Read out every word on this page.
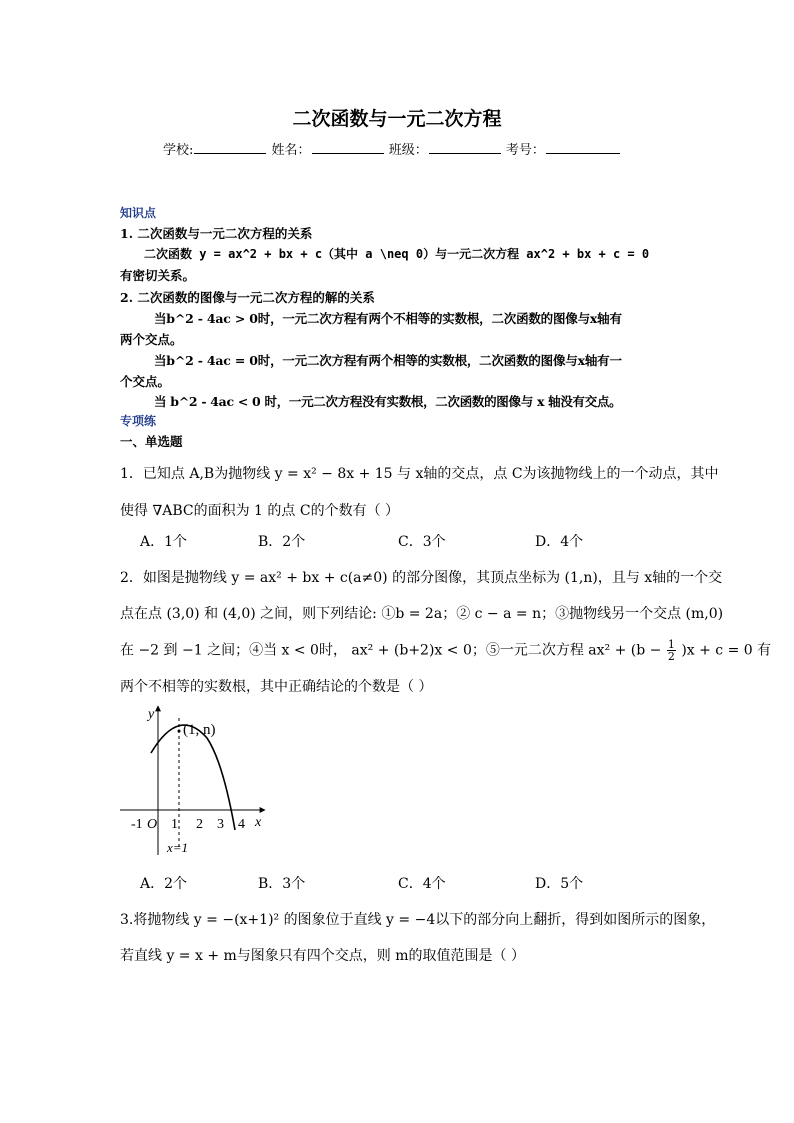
二次函数与一元二次方程
学校:	姓名：	班级：	考号：
知识点
1. 二次函数与一元二次方程的关系
二次函数 y = ax^2 + bx + c（其中 a \neq 0）与一元二次方程 ax^2 + bx + c = 0
有密切关系。
2. 二次函数的图像与一元二次方程的解的关系
当b^2 - 4ac > 0时，一元二次方程有两个不相等的实数根，二次函数的图像与x轴有
两个交点。
当b^2 - 4ac = 0时，一元二次方程有两个相等的实数根，二次函数的图像与x轴有一
个交点。
当 b^2 - 4ac < 0 时，一元二次方程没有实数根，二次函数的图像与 x 轴没有交点。
专项练
一、单选题
1．已知点 A,B为抛物线 y = x² − 8x + 15 与 x轴的交点，点 C为该抛物线上的一个动点，其中
使得 ∇ABC的面积为 1 的点 C的个数有（ ）
A．1个	B．2个	C．3个	D．4个
2．如图是抛物线 y = ax² + bx + c(a≠0) 的部分图像，其顶点坐标为 (1,n)，且与 x轴的一个交
点在点 (3,0) 和 (4,0) 之间，则下列结论: ①b = 2a；② c − a = n；③抛物线另一个交点 (m,0)
在 −2 到 −1 之间；④当 x < 0时， ax² + (b+2)x < 0；⑤一元二次方程 $ax^2 + (b - \frac{1}{2} )x + c = 0$ 有
两个不相等的实数根，其中正确结论的个数是（ ）
y
x
(1, n)
x=1
O
-1 1 2 3 4
A．2个	B．3个	C．4个	D．5个
3.将抛物线 y = −(x+1)² 的图象位于直线 y = −4以下的部分向上翻折，得到如图所示的图象，
若直线 y = x + m与图象只有四个交点，则 m的取值范围是（ ）
